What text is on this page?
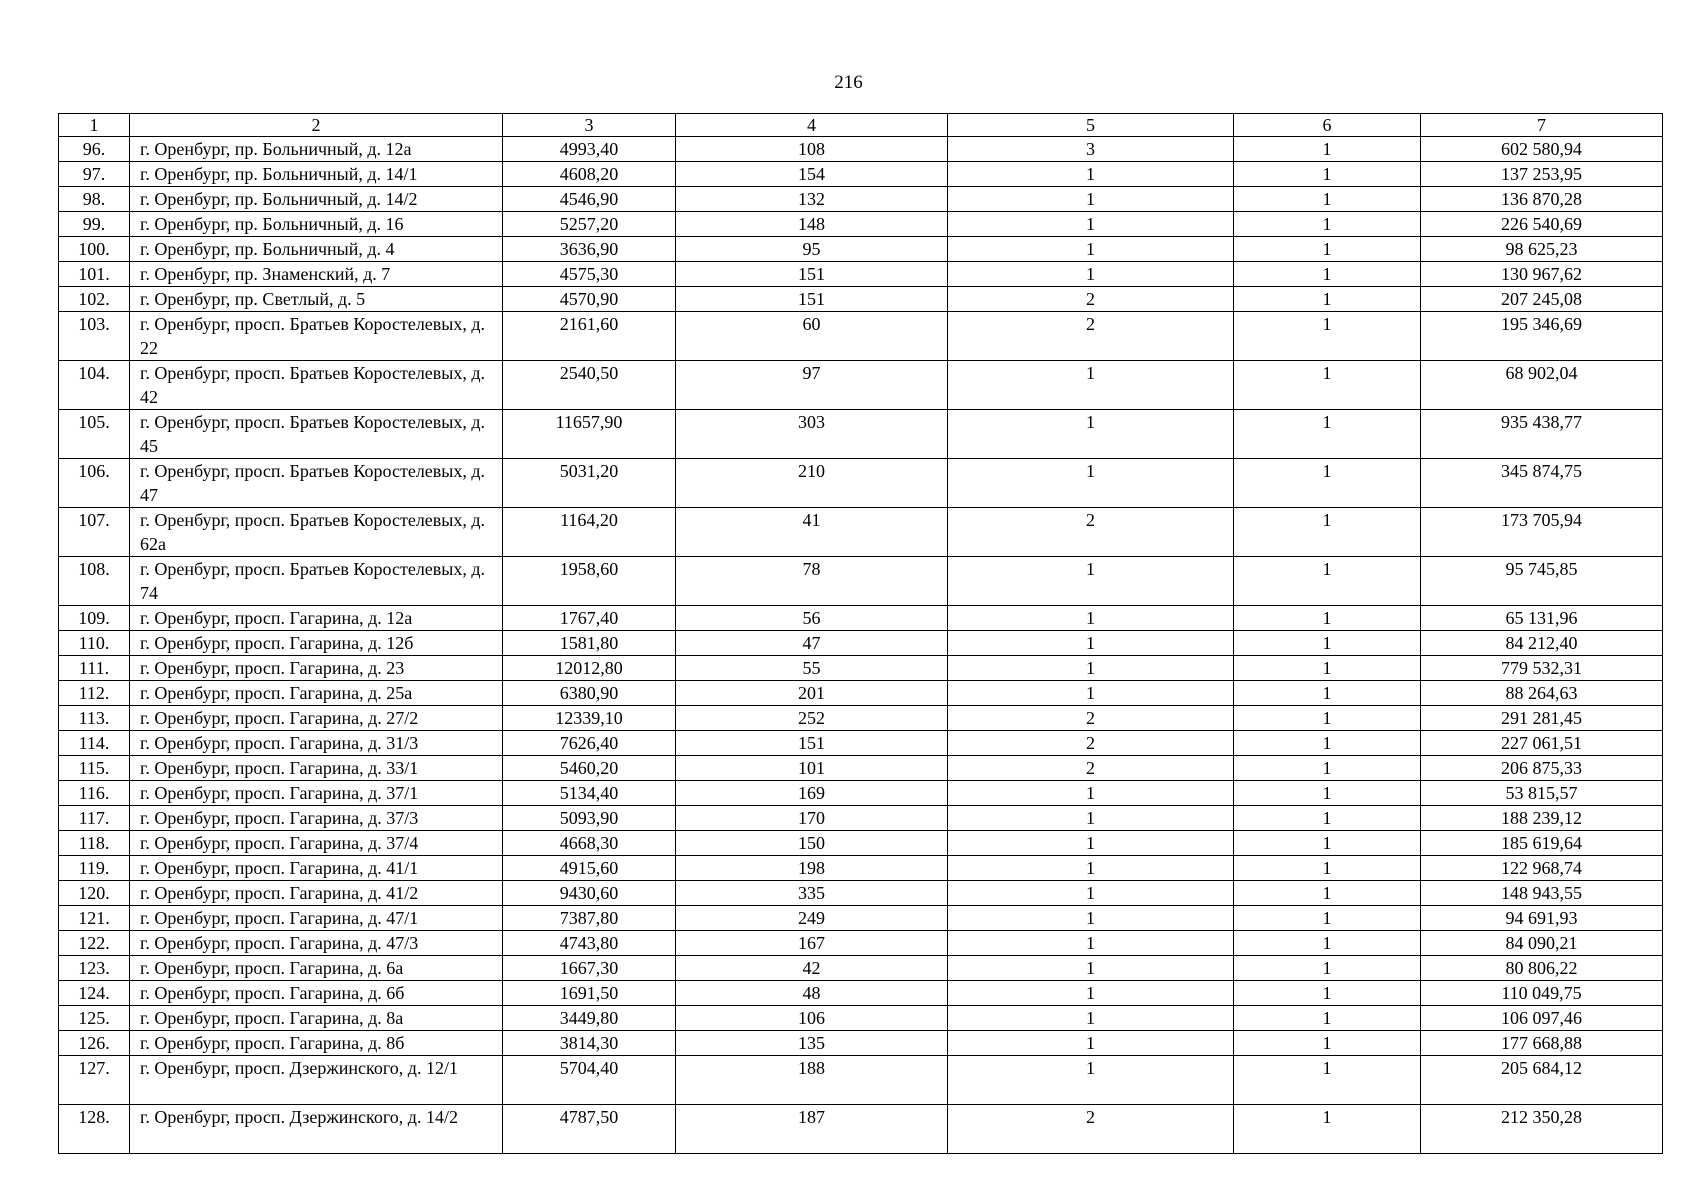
216
1	2	3	4	5	6	7
96.	г. Оренбург, пр. Больничный, д. 12а	4993,40	108	3	1	602 580,94
97.	г. Оренбург, пр. Больничный, д. 14/1	4608,20	154	1	1	137 253,95
98.	г. Оренбург, пр. Больничный, д. 14/2	4546,90	132	1	1	136 870,28
99.	г. Оренбург, пр. Больничный, д. 16	5257,20	148	1	1	226 540,69
100.	г. Оренбург, пр. Больничный, д. 4	3636,90	95	1	1	98 625,23
101.	г. Оренбург, пр. Знаменский, д. 7	4575,30	151	1	1	130 967,62
102.	г. Оренбург, пр. Светлый, д. 5	4570,90	151	2	1	207 245,08
103.	г. Оренбург, просп. Братьев Коростелевых, д. 22	2161,60	60	2	1	195 346,69
104.	г. Оренбург, просп. Братьев Коростелевых, д. 42	2540,50	97	1	1	68 902,04
105.	г. Оренбург, просп. Братьев Коростелевых, д. 45	11657,90	303	1	1	935 438,77
106.	г. Оренбург, просп. Братьев Коростелевых, д. 47	5031,20	210	1	1	345 874,75
107.	г. Оренбург, просп. Братьев Коростелевых, д. 62а	1164,20	41	2	1	173 705,94
108.	г. Оренбург, просп. Братьев Коростелевых, д. 74	1958,60	78	1	1	95 745,85
109.	г. Оренбург, просп. Гагарина, д. 12а	1767,40	56	1	1	65 131,96
110.	г. Оренбург, просп. Гагарина, д. 12б	1581,80	47	1	1	84 212,40
111.	г. Оренбург, просп. Гагарина, д. 23	12012,80	55	1	1	779 532,31
112.	г. Оренбург, просп. Гагарина, д. 25а	6380,90	201	1	1	88 264,63
113.	г. Оренбург, просп. Гагарина, д. 27/2	12339,10	252	2	1	291 281,45
114.	г. Оренбург, просп. Гагарина, д. 31/3	7626,40	151	2	1	227 061,51
115.	г. Оренбург, просп. Гагарина, д. 33/1	5460,20	101	2	1	206 875,33
116.	г. Оренбург, просп. Гагарина, д. 37/1	5134,40	169	1	1	53 815,57
117.	г. Оренбург, просп. Гагарина, д. 37/3	5093,90	170	1	1	188 239,12
118.	г. Оренбург, просп. Гагарина, д. 37/4	4668,30	150	1	1	185 619,64
119.	г. Оренбург, просп. Гагарина, д. 41/1	4915,60	198	1	1	122 968,74
120.	г. Оренбург, просп. Гагарина, д. 41/2	9430,60	335	1	1	148 943,55
121.	г. Оренбург, просп. Гагарина, д. 47/1	7387,80	249	1	1	94 691,93
122.	г. Оренбург, просп. Гагарина, д. 47/3	4743,80	167	1	1	84 090,21
123.	г. Оренбург, просп. Гагарина, д. 6а	1667,30	42	1	1	80 806,22
124.	г. Оренбург, просп. Гагарина, д. 6б	1691,50	48	1	1	110 049,75
125.	г. Оренбург, просп. Гагарина, д. 8а	3449,80	106	1	1	106 097,46
126.	г. Оренбург, просп. Гагарина, д. 8б	3814,30	135	1	1	177 668,88
127.	г. Оренбург, просп. Дзержинского, д. 12/1	5704,40	188	1	1	205 684,12
128.	г. Оренбург, просп. Дзержинского, д. 14/2	4787,50	187	2	1	212 350,28
